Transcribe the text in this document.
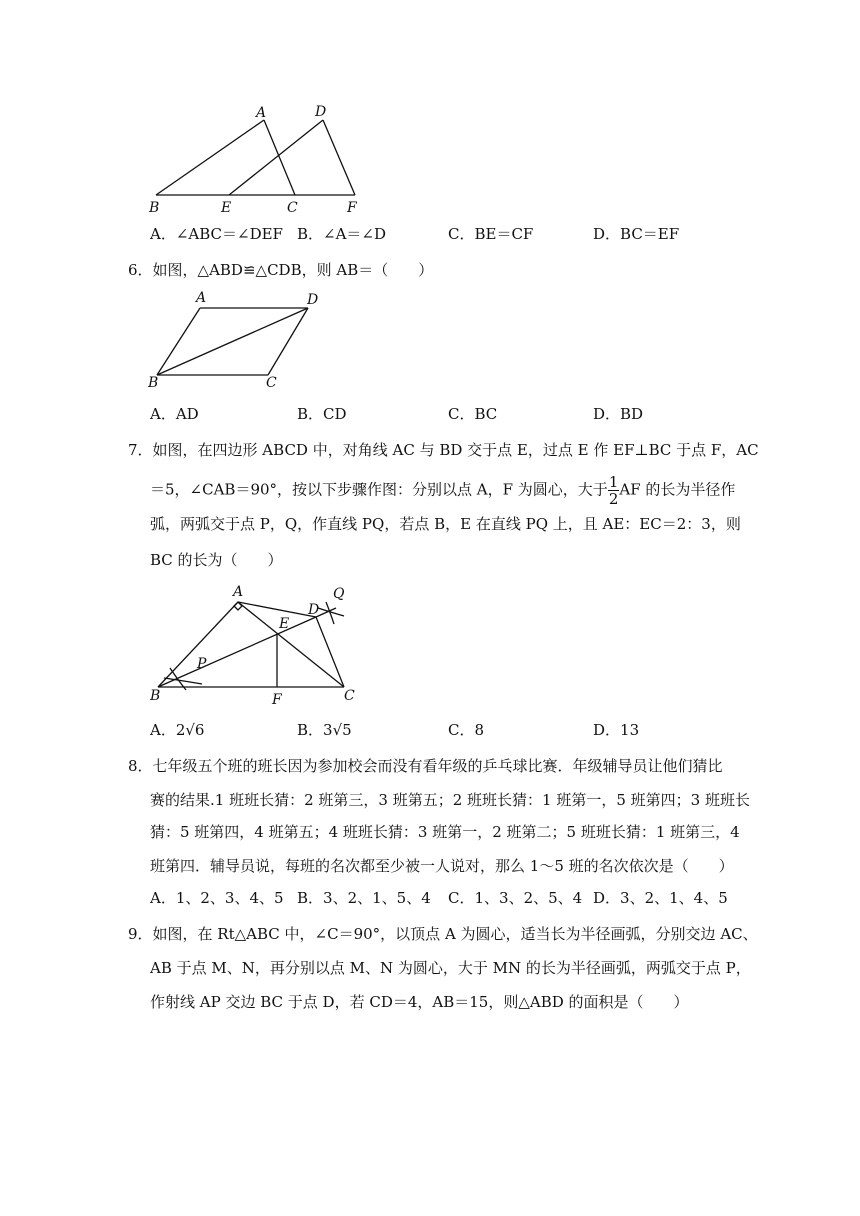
A	D
B	E	C	F
A．∠ABC＝∠DEF B．∠A＝∠D	C．BE＝CF	D．BC＝EF
6．如图，△ABD≌△CDB，则 AB＝（　　）
A	D
B	C
A．AD	B．CD	C．BC	D．BD
7．如图，在四边形 ABCD 中，对角线 AC 与 BD 交于点 E，过点 E 作 EF⊥BC 于点 F，AC
＝5，∠CAB＝90°，按以下步骤作图：分别以点 A，F 为圆心，大于 $\frac{1}{2}$ AF 的长为半径作
弧，两弧交于点 P，Q，作直线 PQ，若点 B，E 在直线 PQ 上，且 AE：EC＝2：3，则
BC 的长为（　　）
A
D
Q
E
P
B	F	C
A．2√6	B．3√5	C．8	D．13
8．七年级五个班的班长因为参加校会而没有看年级的乒乓球比赛．年级辅导员让他们猜比
赛的结果.1 班班长猜：2 班第三，3 班第五；2 班班长猜：1 班第一，5 班第四；3 班班长
猜：5 班第四，4 班第五；4 班班长猜：3 班第一，2 班第二；5 班班长猜：1 班第三，4
班第四．辅导员说，每班的名次都至少被一人说对，那么 1～5 班的名次依次是（　　）
A．1、2、3、4、5 B．3、2、1、5、4 C．1、3、2、5、4 D．3、2、1、4、5
9．如图，在 Rt△ABC 中，∠C＝90°，以顶点 A 为圆心，适当长为半径画弧，分别交边 AC、
AB 于点 M、N，再分别以点 M、N 为圆心，大于 MN 的长为半径画弧，两弧交于点 P，
作射线 AP 交边 BC 于点 D，若 CD＝4，AB＝15，则△ABD 的面积是（　　）
